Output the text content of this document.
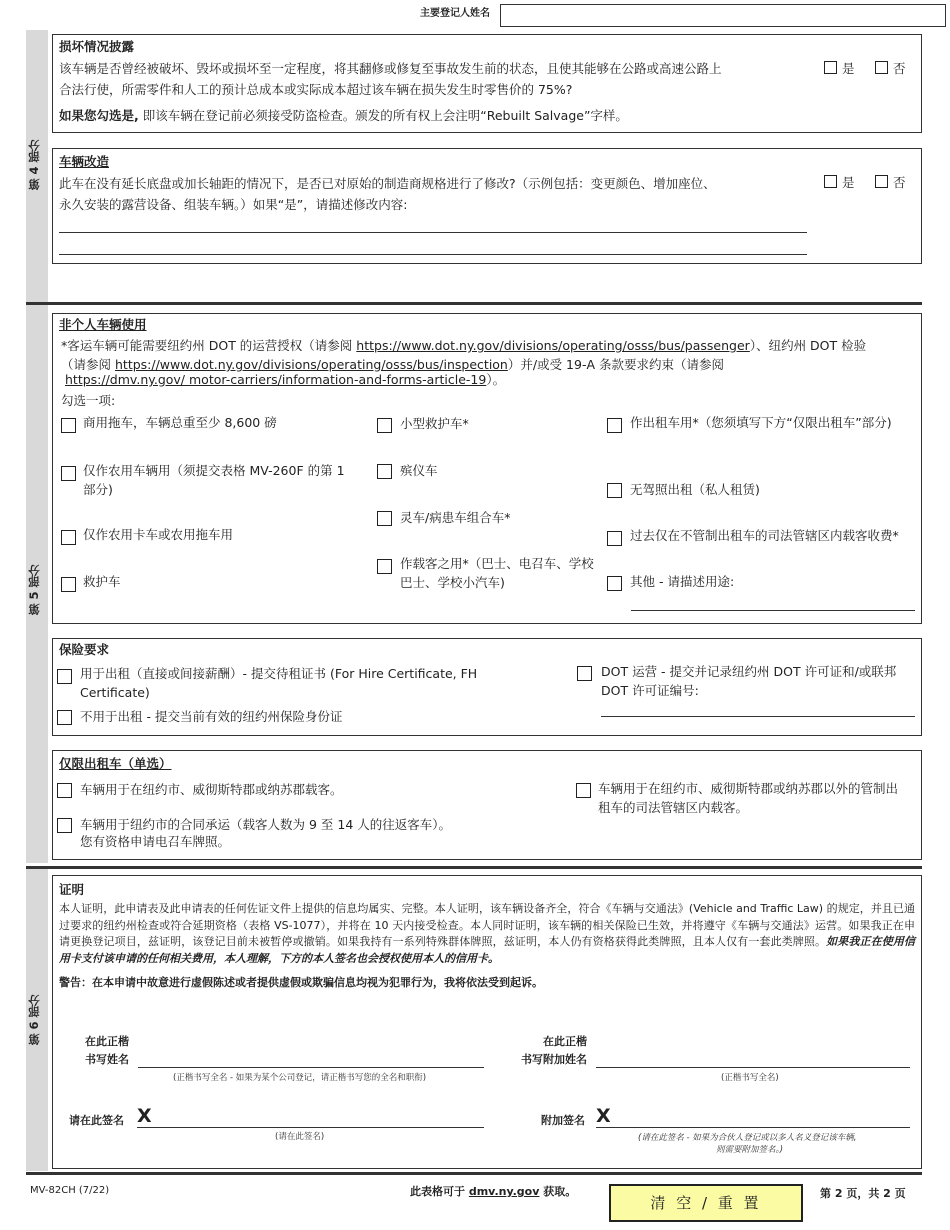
主要登记人姓名
第 4 部分
损坏情况披露
该车辆是否曾经被破坏、毁坏或损坏至一定程度，将其翻修或修复至事故发生前的状态，且使其能够在公路或高速公路上
合法行使，所需零件和人工的预计总成本或实际成本超过该车辆在损失发生时零售价的 75%?
如果您勾选是, 即该车辆在登记前必须接受防盗检查。颁发的所有权上会注明“Rebuilt Salvage”字样。
是	否
车辆改造
此车在没有延长底盘或加长轴距的情况下，是否已对原始的制造商规格进行了修改?（示例包括：变更颜色、增加座位、
永久安装的露营设备、组装车辆。）如果“是”，请描述修改内容:
是	否
第 5 部分
非个人车辆使用
*客运车辆可能需要纽约州 DOT 的运营授权（请参阅 https://www.dot.ny.gov/divisions/operating/osss/bus/passenger）、纽约州 DOT 检验
（请参阅 https://www.dot.ny.gov/divisions/operating/osss/bus/inspection）并/或受 19-A 条款要求约束（请参阅
https://dmv.ny.gov/ motor-carriers/information-and-forms-article-19）。
勾选一项:
商用拖车，车辆总重至少 8,600 磅
仅作农用车辆用（须提交表格 MV-260F 的第 1 部分)
仅作农用卡车或农用拖车用
救护车
小型救护车*
殡仪车
灵车/病患车组合车*
作载客之用*（巴士、电召车、学校巴士、学校小汽车)
作出租车用*（您须填写下方“仅限出租车”部分)
无驾照出租（私人租赁)
过去仅在不管制出租车的司法管辖区内载客收费*
其他 - 请描述用途:
保险要求
用于出租（直接或间接薪酬）- 提交待租证书 (For Hire Certificate, FH Certificate)
不用于出租 - 提交当前有效的纽约州保险身份证
DOT 运营 - 提交并记录纽约州 DOT 许可证和/或联邦 DOT 许可证编号:
仅限出租车（单选）
车辆用于在纽约市、威彻斯特郡或纳苏郡载客。
车辆用于纽约市的合同承运（载客人数为 9 至 14 人的往返客车）。
您有资格申请电召车牌照。
车辆用于在纽约市、威彻斯特郡或纳苏郡以外的管制出租车的司法管辖区内载客。
第 6 部分
证明
本人证明，此申请表及此申请表的任何佐证文件上提供的信息均属实、完整。本人证明，该车辆设备齐全，符合《车辆与交通法》(Vehicle and Traffic Law) 的规定，并且已通过要求的纽约州检查或符合延期资格（表格 VS-1077），并将在 10 天内接受检查。本人同时证明，该车辆的相关保险已生效，并将遵守《车辆与交通法》运营。如果我正在申请更换登记项目，兹证明，该登记目前未被暂停或撤销。如果我持有一系列特殊群体牌照，兹证明，本人仍有资格获得此类牌照，且本人仅有一套此类牌照。如果我正在使用信用卡支付该申请的任何相关费用，本人理解，下方的本人签名也会授权使用本人的信用卡。
警告：在本申请中故意进行虚假陈述或者提供虚假或欺骗信息均视为犯罪行为，我将依法受到起诉。
在此正楷
书写姓名
(正楷书写全名 - 如果为某个公司登记，请正楷书写您的全名和职衔)
在此正楷
书写附加姓名
(正楷书写全名)
请在此签名 X
(请在此签名)
附加签名 X
(请在此签名 - 如果为合伙人登记或以多人名义登记该车辆,
则需要附加签名。)
MV-82CH (7/22)	此表格可于 dmv.ny.gov 获取。
清 空 / 重 置
第 2 页，共 2 页
